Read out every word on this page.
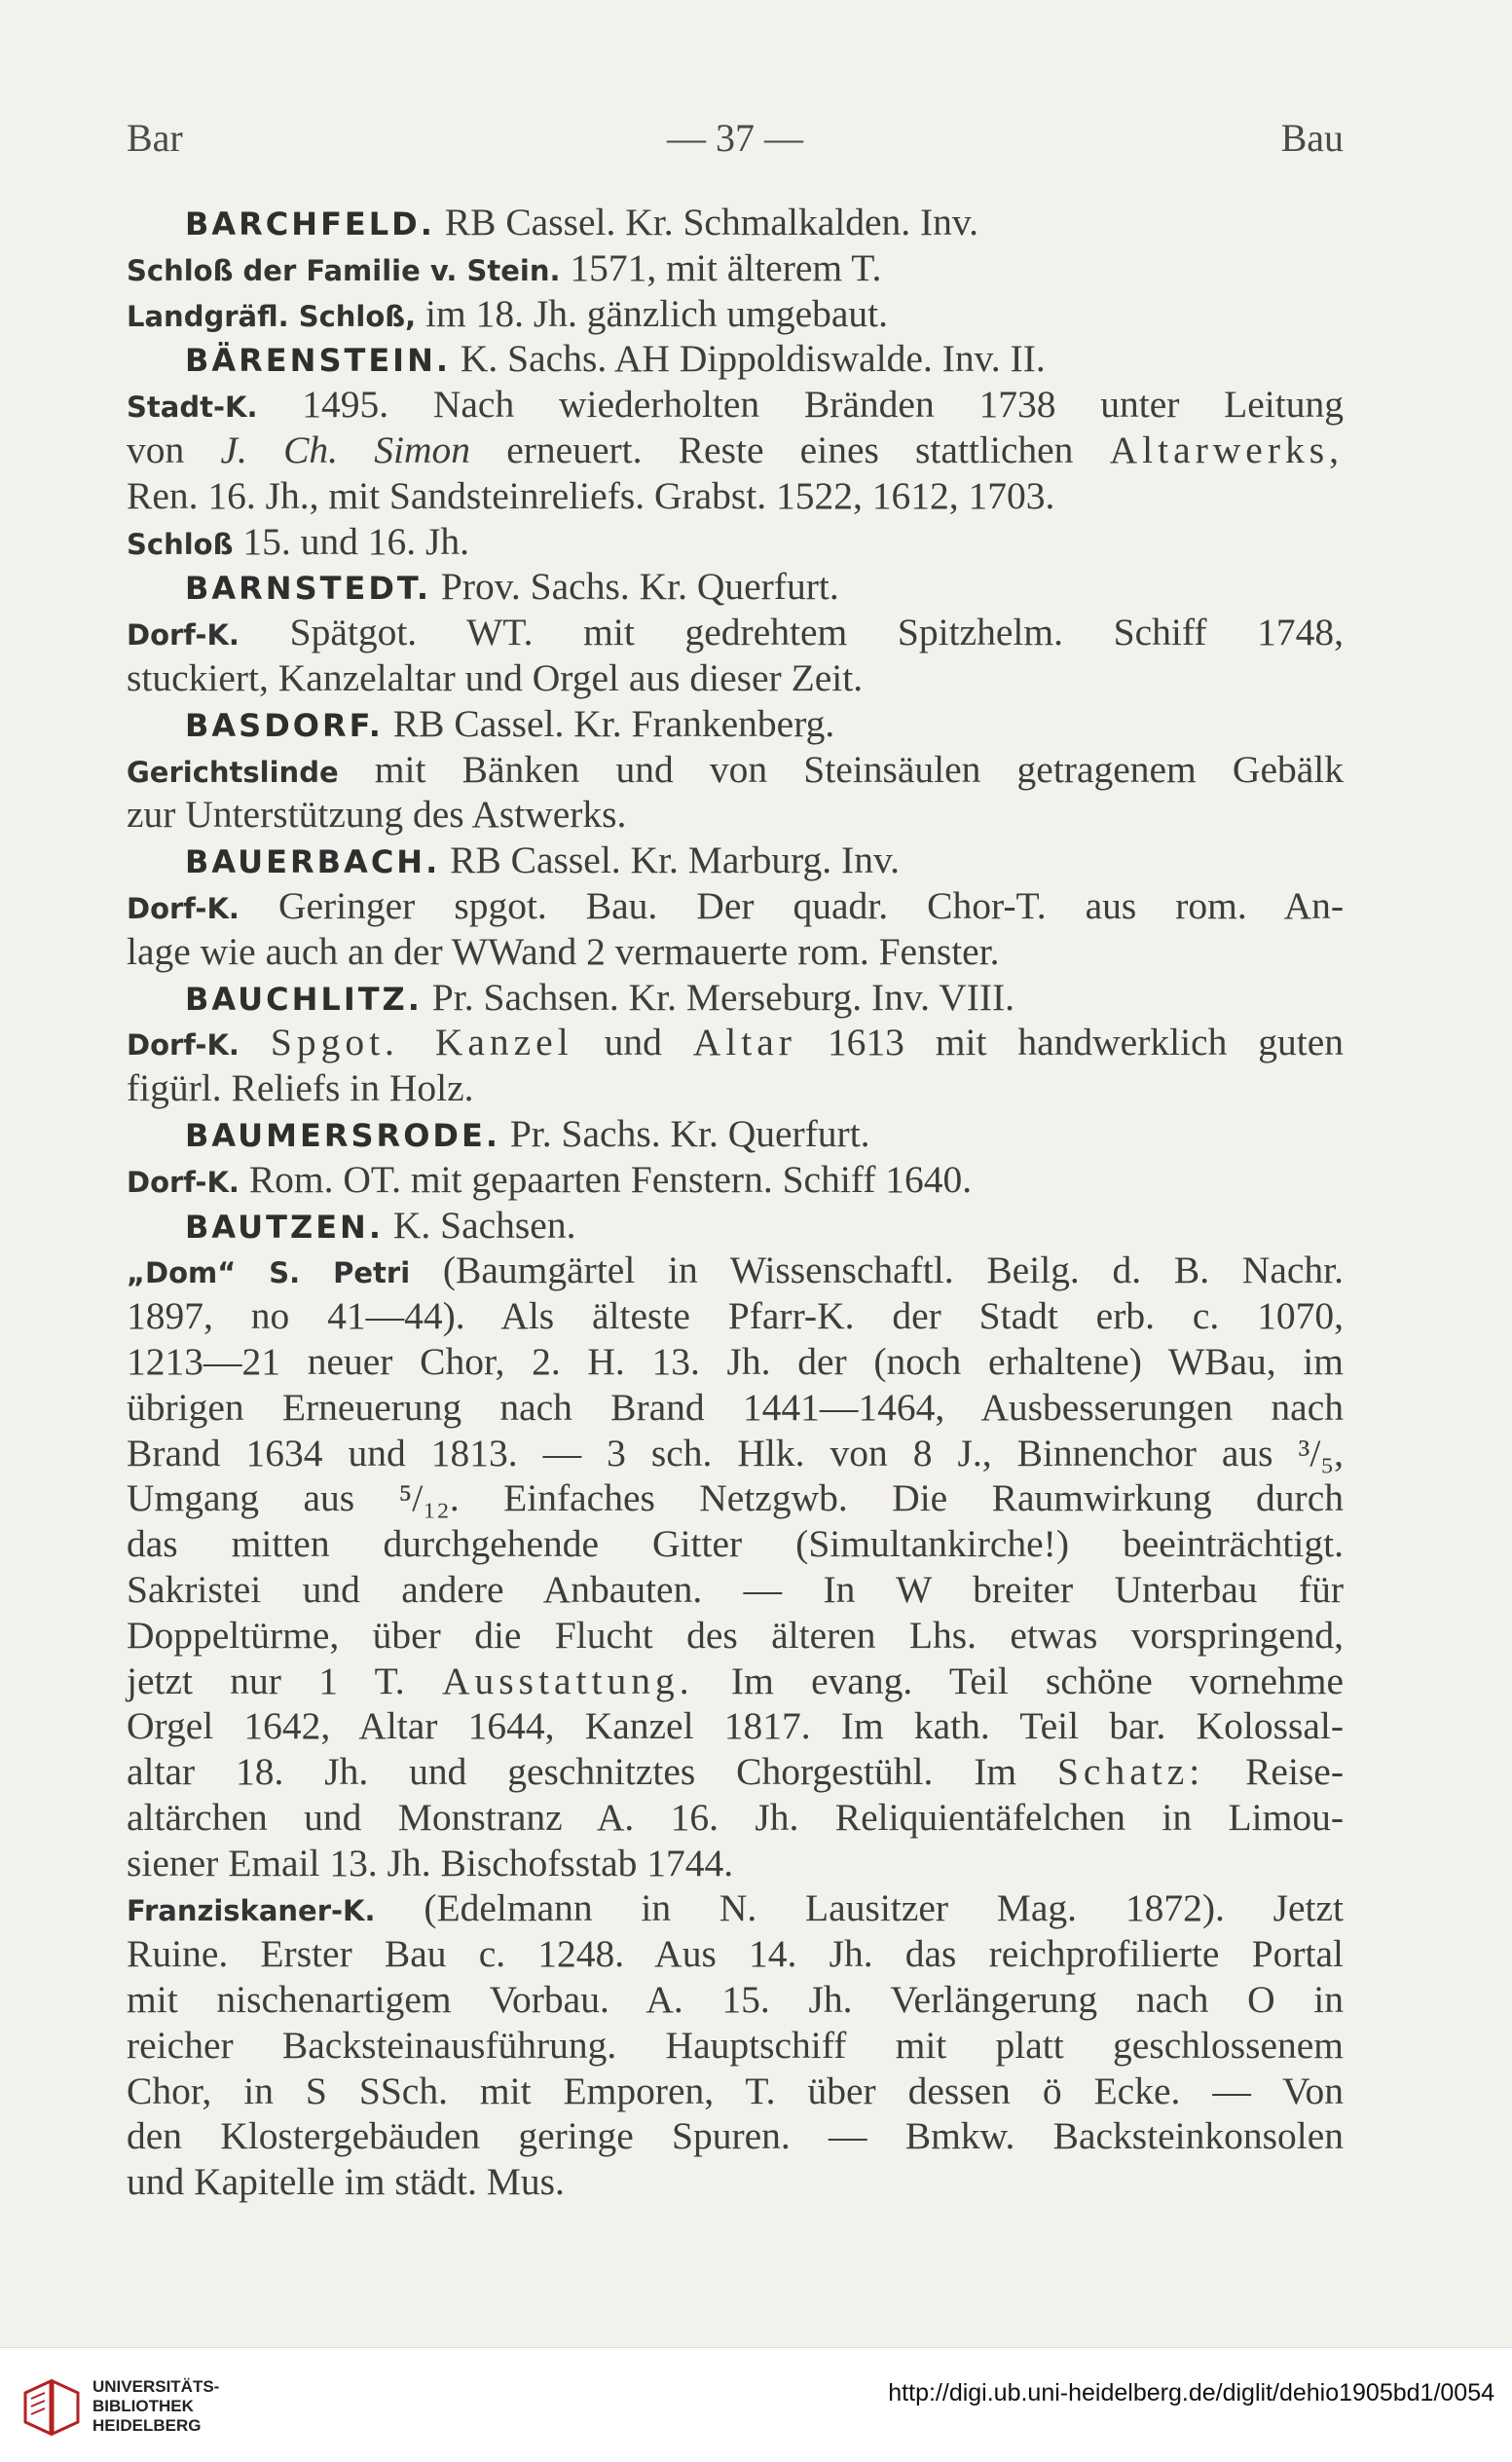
Bar	— 37 —	Bau
BARCHFELD. RB Cassel. Kr. Schmalkalden. Inv.
Schloß der Familie v. Stein. 1571, mit älterem T.
Landgräfl. Schloß, im 18. Jh. gänzlich umgebaut.
BÄRENSTEIN. K. Sachs. AH Dippoldiswalde. Inv. II.
Stadt-K. 1495. Nach wiederholten Bränden 1738 unter Leitung
von J. Ch. Simon erneuert. Reste eines stattlichen Altarwerks,
Ren. 16. Jh., mit Sandsteinreliefs. Grabst. 1522, 1612, 1703.
Schloß 15. und 16. Jh.
BARNSTEDT. Prov. Sachs. Kr. Querfurt.
Dorf-K. Spätgot. WT. mit gedrehtem Spitzhelm. Schiff 1748,
stuckiert, Kanzelaltar und Orgel aus dieser Zeit.
BASDORF. RB Cassel. Kr. Frankenberg.
Gerichtslinde mit Bänken und von Steinsäulen getragenem Gebälk
zur Unterstützung des Astwerks.
BAUERBACH. RB Cassel. Kr. Marburg. Inv.
Dorf-K. Geringer spgot. Bau. Der quadr. Chor-T. aus rom. An-
lage wie auch an der WWand 2 vermauerte rom. Fenster.
BAUCHLITZ. Pr. Sachsen. Kr. Merseburg. Inv. VIII.
Dorf-K. Spgot. Kanzel und Altar 1613 mit handwerklich guten
figürl. Reliefs in Holz.
BAUMERSRODE. Pr. Sachs. Kr. Querfurt.
Dorf-K. Rom. OT. mit gepaarten Fenstern. Schiff 1640.
BAUTZEN. K. Sachsen.
„Dom“ S. Petri (Baumgärtel in Wissenschaftl. Beilg. d. B. Nachr.
1897, no 41—44). Als älteste Pfarr-K. der Stadt erb. c. 1070,
1213—21 neuer Chor, 2. H. 13. Jh. der (noch erhaltene) WBau, im
übrigen Erneuerung nach Brand 1441—1464, Ausbesserungen nach
Brand 1634 und 1813. — 3 sch. Hlk. von 8 J., Binnenchor aus ³/₅,
Umgang aus ⁵/₁₂. Einfaches Netzgwb. Die Raumwirkung durch
das mitten durchgehende Gitter (Simultankirche!) beeinträchtigt.
Sakristei und andere Anbauten. — In W breiter Unterbau für
Doppeltürme, über die Flucht des älteren Lhs. etwas vorspringend,
jetzt nur 1 T. Ausstattung. Im evang. Teil schöne vornehme
Orgel 1642, Altar 1644, Kanzel 1817. Im kath. Teil bar. Kolossal-
altar 18. Jh. und geschnitztes Chorgestühl. Im Schatz: Reise-
altärchen und Monstranz A. 16. Jh. Reliquientäfelchen in Limou-
siener Email 13. Jh. Bischofsstab 1744.
Franziskaner-K. (Edelmann in N. Lausitzer Mag. 1872). Jetzt
Ruine. Erster Bau c. 1248. Aus 14. Jh. das reichprofilierte Portal
mit nischenartigem Vorbau. A. 15. Jh. Verlängerung nach O in
reicher Backsteinausführung. Hauptschiff mit platt geschlossenem
Chor, in S SSch. mit Emporen, T. über dessen ö Ecke. — Von
den Klostergebäuden geringe Spuren. — Bmkw. Backsteinkonsolen
und Kapitelle im städt. Mus.
UNIVERSITÄTS-
BIBLIOTHEK
HEIDELBERG
http://digi.ub.uni-heidelberg.de/diglit/dehio1905bd1/0054
